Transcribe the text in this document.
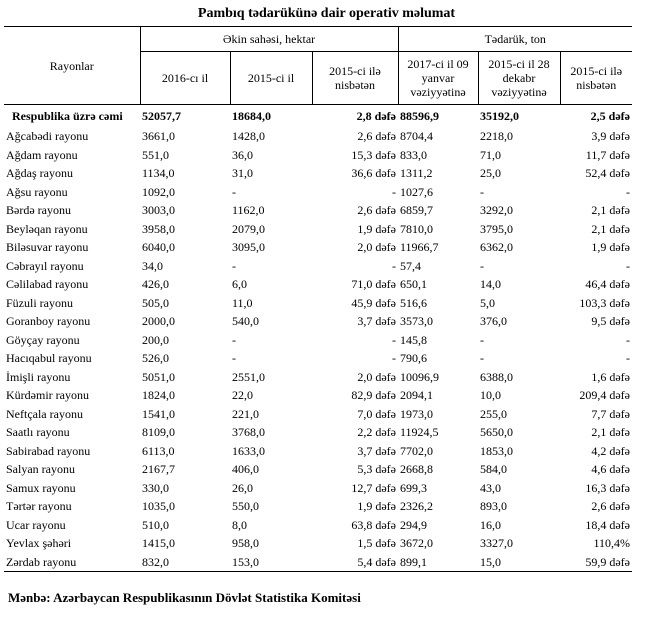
Pambıq tədarükünə dair operativ məlumat
Rayonlar	Əkin sahəsi, hektar			Tədarük, ton		
	2016-cı il	2015-ci il	2015-ci ilə nisbətən	2017-ci il 09 yanvar vəziyyətinə	2015-ci il 28 dekabr vəziyyətinə	2015-ci ilə nisbətən
Respublika üzrə cəmi	52057,7	18684,0	2,8 dəfə	88596,9	35192,0	2,5 dəfə
Ağcabədi rayonu	3661,0	1428,0	2,6 dəfə	8704,4	2218,0	3,9 dəfə
Ağdam rayonu	551,0	36,0	15,3 dəfə	833,0	71,0	11,7 dəfə
Ağdaş rayonu	1134,0	31,0	36,6 dəfə	1311,2	25,0	52,4 dəfə
Ağsu rayonu	1092,0	-	-	1027,6	-	-
Bərdə rayonu	3003,0	1162,0	2,6 dəfə	6859,7	3292,0	2,1 dəfə
Beyləqan rayonu	3958,0	2079,0	1,9 dəfə	7810,0	3795,0	2,1 dəfə
Biləsuvar rayonu	6040,0	3095,0	2,0 dəfə	11966,7	6362,0	1,9 dəfə
Cəbrayıl rayonu	34,0	-	-	57,4	-	-
Cəlilabad rayonu	426,0	6,0	71,0 dəfə	650,1	14,0	46,4 dəfə
Füzuli rayonu	505,0	11,0	45,9 dəfə	516,6	5,0	103,3 dəfə
Goranboy rayonu	2000,0	540,0	3,7 dəfə	3573,0	376,0	9,5 dəfə
Göyçay rayonu	200,0	-	-	145,8	-	-
Hacıqabul rayonu	526,0	-	-	790,6	-	-
İmişli rayonu	5051,0	2551,0	2,0 dəfə	10096,9	6388,0	1,6 dəfə
Kürdəmir rayonu	1824,0	22,0	82,9 dəfə	2094,1	10,0	209,4 dəfə
Neftçala rayonu	1541,0	221,0	7,0 dəfə	1973,0	255,0	7,7 dəfə
Saatlı rayonu	8109,0	3768,0	2,2 dəfə	11924,5	5650,0	2,1 dəfə
Sabirabad rayonu	6113,0	1633,0	3,7 dəfə	7702,0	1853,0	4,2 dəfə
Salyan rayonu	2167,7	406,0	5,3 dəfə	2668,8	584,0	4,6 dəfə
Samux rayonu	330,0	26,0	12,7 dəfə	699,3	43,0	16,3 dəfə
Tərtər rayonu	1035,0	550,0	1,9 dəfə	2326,2	893,0	2,6 dəfə
Ucar rayonu	510,0	8,0	63,8 dəfə	294,9	16,0	18,4 dəfə
Yevlax şəhəri	1415,0	958,0	1,5 dəfə	3672,0	3327,0	110,4%
Zərdab rayonu	832,0	153,0	5,4 dəfə	899,1	15,0	59,9 dəfə
Mənbə: Azərbaycan Respublikasının Dövlət Statistika Komitəsi
